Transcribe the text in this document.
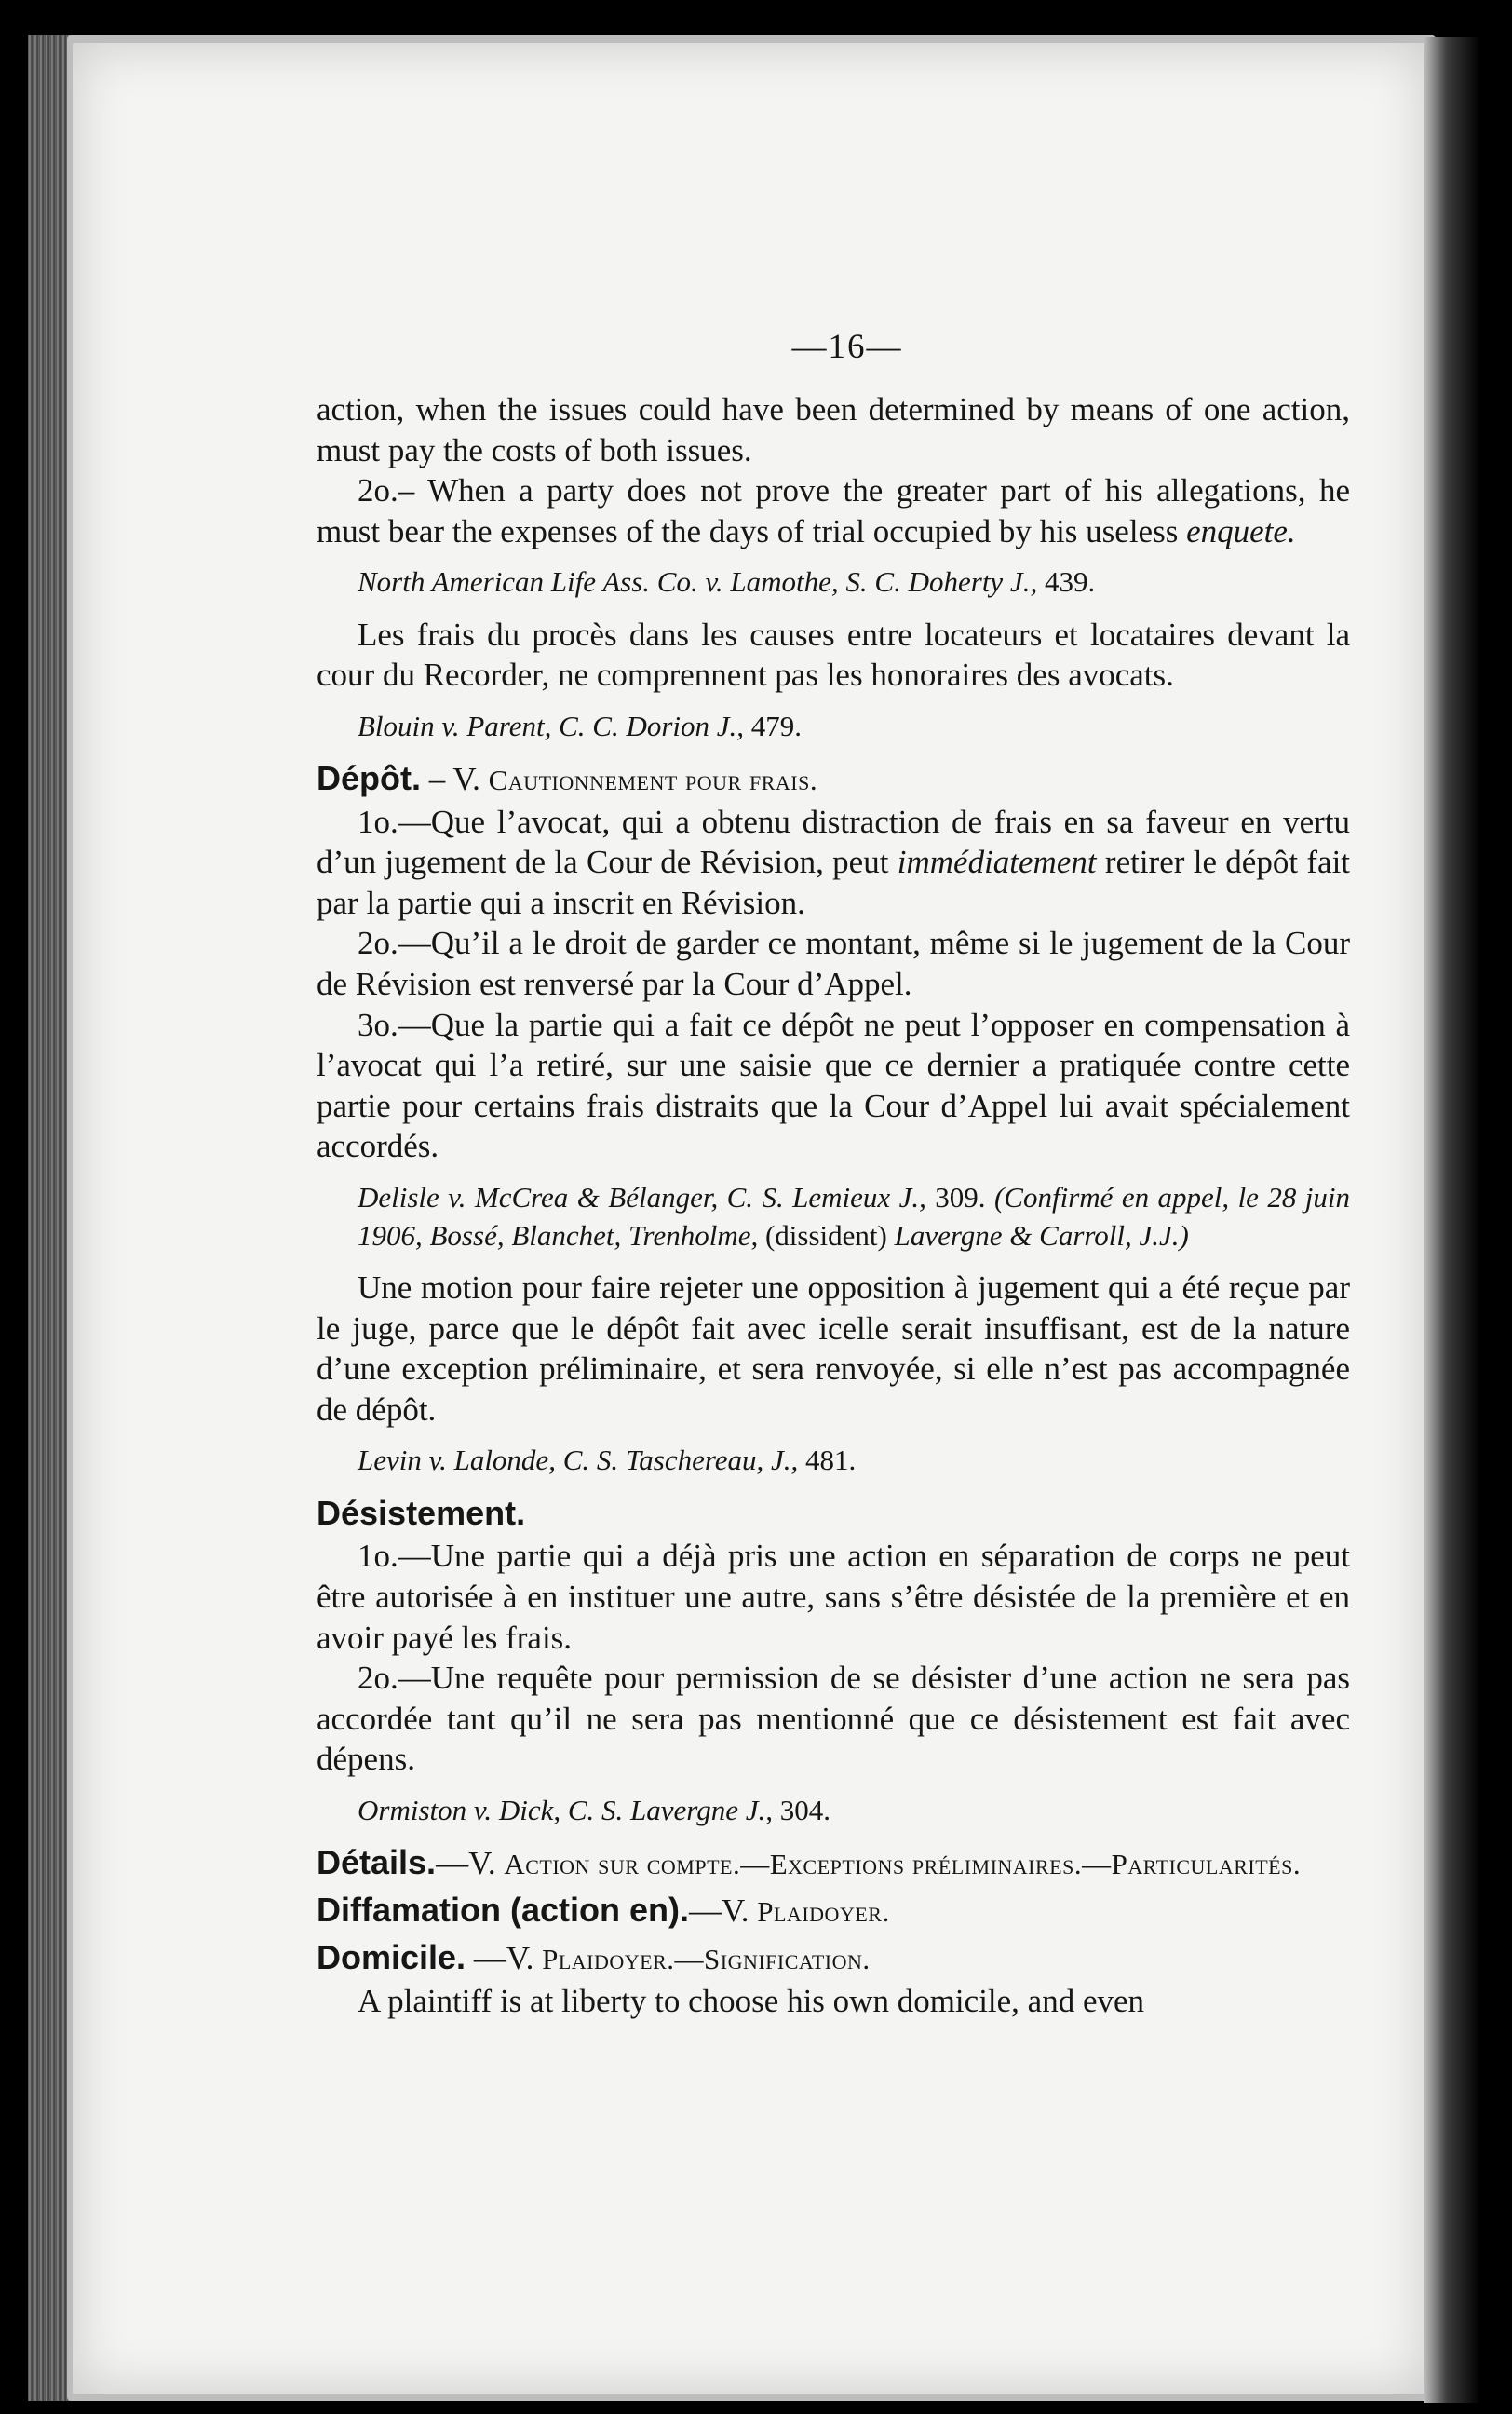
—16—

action, when the issues could have been determined by means of one action, must pay the costs of both issues.

2o.– When a party does not prove the greater part of his allegations, he must bear the expenses of the days of trial occupied by his useless enquete.

North American Life Ass. Co. v. Lamothe, S. C. Doherty J., 439.

Les frais du procès dans les causes entre locateurs et locataires devant la cour du Recorder, ne comprennent pas les honoraires des avocats.

Blouin v. Parent, C. C. Dorion J., 479.

Dépôt. – V. Cautionnement pour frais.

1o.—Que l’avocat, qui a obtenu distraction de frais en sa faveur en vertu d’un jugement de la Cour de Révision, peut immédiatement retirer le dépôt fait par la partie qui a inscrit en Révision.

2o.—Qu’il a le droit de garder ce montant, même si le jugement de la Cour de Révision est renversé par la Cour d’Appel.

3o.—Que la partie qui a fait ce dépôt ne peut l’opposer en compensation à l’avocat qui l’a retiré, sur une saisie que ce dernier a pratiquée contre cette partie pour certains frais distraits que la Cour d’Appel lui avait spécialement accordés.

Delisle v. McCrea & Bélanger, C. S. Lemieux J., 309. (Confirmé en appel, le 28 juin 1906, Bossé, Blanchet, Trenholme, (dissident) Lavergne & Carroll, J.J.)

Une motion pour faire rejeter une opposition à jugement qui a été reçue par le juge, parce que le dépôt fait avec icelle serait insuffisant, est de la nature d’une exception préliminaire, et sera renvoyée, si elle n’est pas accompagnée de dépôt.

Levin v. Lalonde, C. S. Taschereau, J., 481.

Désistement.

1o.—Une partie qui a déjà pris une action en séparation de corps ne peut être autorisée à en instituer une autre, sans s’être désistée de la première et en avoir payé les frais.

2o.—Une requête pour permission de se désister d’une action ne sera pas accordée tant qu’il ne sera pas mentionné que ce désistement est fait avec dépens.

Ormiston v. Dick, C. S. Lavergne J., 304.

Détails.—V. Action sur compte.—Exceptions préliminaires.—Particularités.

Diffamation (action en).—V. Plaidoyer.

Domicile. —V. Plaidoyer.—Signification.

A plaintiff is at liberty to choose his own domicile, and even
